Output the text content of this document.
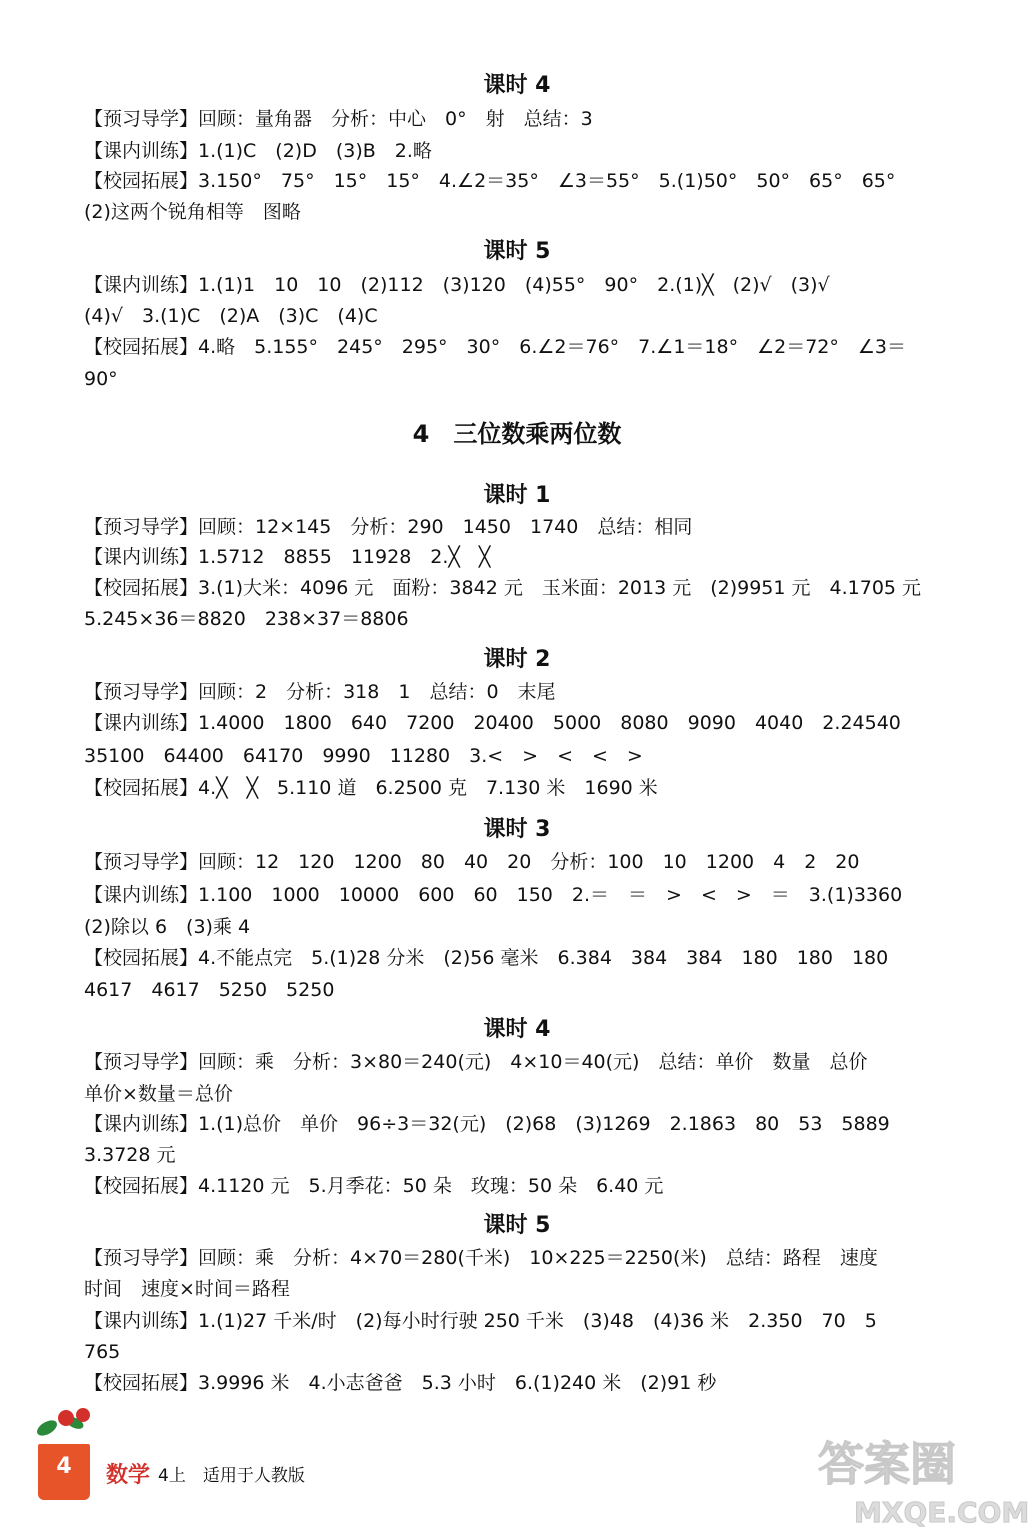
课时 4
课时 5
4　三位数乘两位数
课时 1
课时 2
课时 3
课时 4
课时 5
【预习导学】回顾：量角器　分析：中心　0°　射　总结：3
【课内训练】1.(1)C　(2)D　(3)B　2.略
【校园拓展】3.150°　75°　15°　15°　4.∠2＝35°　∠3＝55°　5.(1)50°　50°　65°　65°
(2)这两个锐角相等　图略
【课内训练】1.(1)1　10　10　(2)112　(3)120　(4)55°　90°　2.(1)╳　(2)√　(3)√
(4)√　3.(1)C　(2)A　(3)C　(4)C
【校园拓展】4.略　5.155°　245°　295°　30°　6.∠2＝76°　7.∠1＝18°　∠2＝72°　∠3＝
90°
【预习导学】回顾：12×145　分析：290　1450　1740　总结：相同
【课内训练】1.5712　8855　11928　2.╳　╳
【校园拓展】3.(1)大米：4096 元　面粉：3842 元　玉米面：2013 元　(2)9951 元　4.1705 元
5.245×36＝8820　238×37＝8806
【预习导学】回顾：2　分析：318　1　总结：0　末尾
【课内训练】1.4000　1800　640　7200　20400　5000　8080　9090　4040　2.24540
35100　64400　64170　9990　11280　3.<　>　<　<　>
【校园拓展】4.╳　╳　5.110 道　6.2500 克　7.130 米　1690 米
【预习导学】回顾：12　120　1200　80　40　20　分析：100　10　1200　4　2　20
【课内训练】1.100　1000　10000　600　60　150　2.＝　＝　>　<　>　＝　3.(1)3360
(2)除以 6　(3)乘 4
【校园拓展】4.不能点完　5.(1)28 分米　(2)56 毫米　6.384　384　384　180　180　180
4617　4617　5250　5250
【预习导学】回顾：乘　分析：3×80＝240(元)　4×10＝40(元)　总结：单价　数量　总价
单价×数量＝总价
【课内训练】1.(1)总价　单价　96÷3＝32(元)　(2)68　(3)1269　2.1863　80　53　5889
3.3728 元
【校园拓展】4.1120 元　5.月季花：50 朵　玫瑰：50 朵　6.40 元
【预习导学】回顾：乘　分析：4×70＝280(千米)　10×225＝2250(米)　总结：路程　速度
时间　速度×时间＝路程
【课内训练】1.(1)27 千米/时　(2)每小时行驶 250 千米　(3)48　(4)36 米　2.350　70　5
765
【校园拓展】3.9996 米　4.小志爸爸　5.3 小时　6.(1)240 米　(2)91 秒
4	数学 4上　适用于人教版	答案圈
MXQE.COM
